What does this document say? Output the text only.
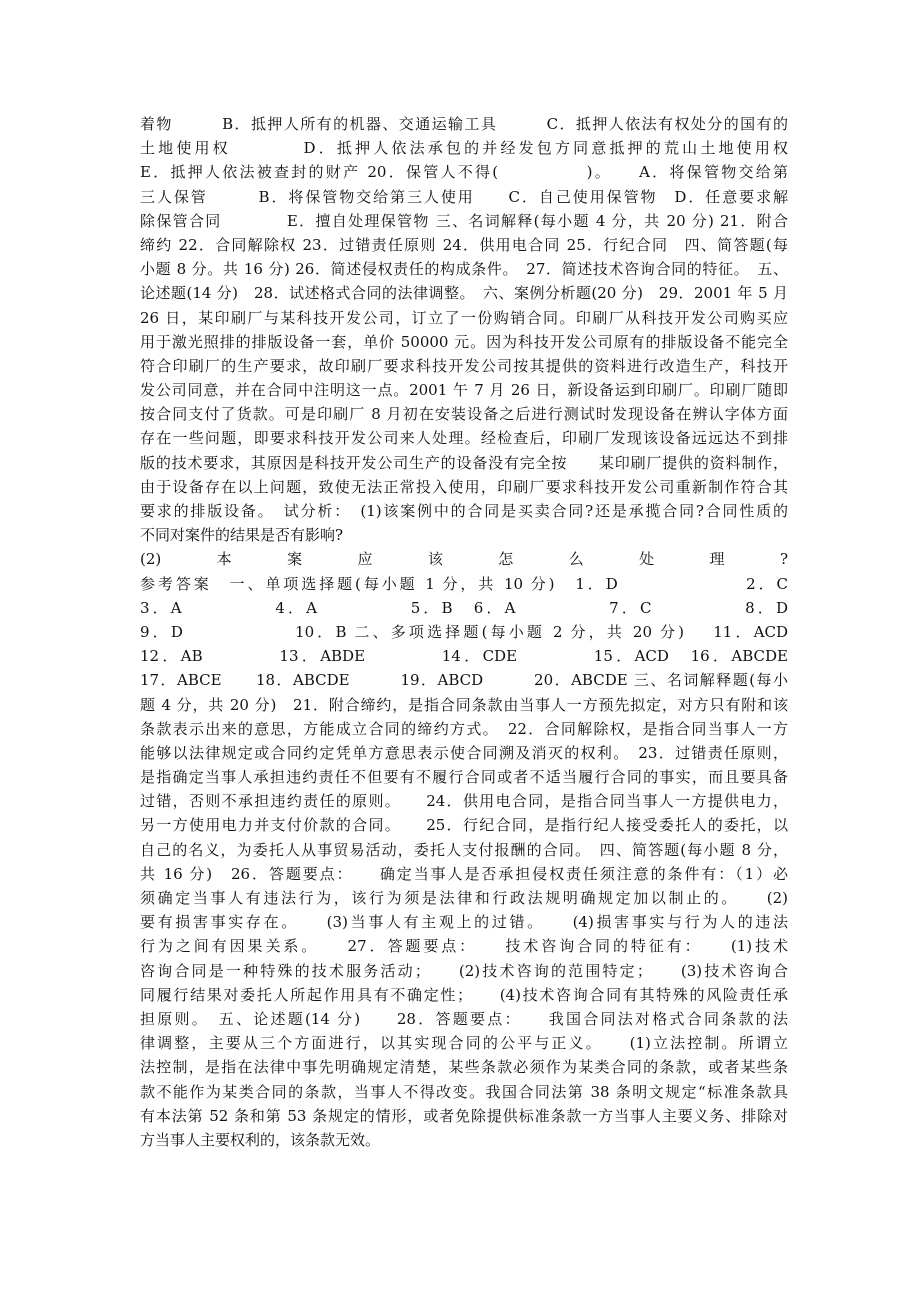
着物　　　B．抵押人所有的机器、交通运输工具　　　C．抵押人依法有权处分的国有的
土地使用权　　　　D．抵押人依法承包的并经发包方同意抵押的荒山土地使用权
E．抵押人依法被查封的财产 20．保管人不得(　　　　　)。　　A．将保管物交给第
三人保管　　　B．将保管物交给第三人使用　　C．自己使用保管物　D．任意要求解
除保管合同　　　　E．擅自处理保管物 三、名词解释(每小题 4 分，共 20 分) 21．附合
缔约 22．合同解除权 23．过错责任原则 24．供用电合同 25．行纪合同　四、简答题(每
小题 8 分。共 16 分) 26．简述侵权责任的构成条件。　27．简述技术咨询合同的特征。　五、
论述题(14 分)　28．试述格式合同的法律调整。　六、案例分析题(20 分)　29．2001 年 5 月
26 日，某印刷厂与某科技开发公司，订立了一份购销合同。印刷厂从科技开发公司购买应
用于激光照排的排版设备一套，单价 50000 元。因为科技开发公司原有的排版设备不能完全
符合印刷厂的生产要求，故印刷厂要求科技开发公司按其提供的资料进行改造生产，科技开
发公司同意，并在合同中注明这一点。2001 午 7 月 26 日，新设备运到印刷厂。印刷厂随即
按合同支付了货款。可是印刷厂 8 月初在安装设备之后进行测试时发现设备在辨认字体方面
存在一些问题，即要求科技开发公司来人处理。经检查后，印刷厂发现该设备远远达不到排
版的技术要求，其原因是科技开发公司生产的设备没有完全按　　某印刷厂提供的资料制作，
由于设备存在以上问题，致使无法正常投入使用，印刷厂要求科技开发公司重新制作符合其
要求的排版设备。　试分析：　(1)该案例中的合同是买卖合同?还是承揽合同?合同性质的
不同对案件的结果是否有影响?
(2)　　本　　案　　应　　该　　怎　　么　　处　　理　　?
参考答案　一、单项选择题(每小题 1 分，共 10 分)　1．D　　　　　　　2．C
3．A　　　　　4．A　　　　　5．B　6．A　　　　　7．C　　　　　8．D
9．D　　　　　　10．B 二、多项选择题(每小题 2 分，共 20 分)　 11．ACD
12．AB　　　　13．ABDE　　　　14．CDE　　　　15．ACD　16．ABCDE
17．ABCE　　18．ABCDE　　　19．ABCD　　　20．ABCDE 三、名词解释题(每小
题 4 分，共 20 分)　21．附合缔约，是指合同条款由当事人一方预先拟定，对方只有附和该
条款表示出来的意思，方能成立合同的缔约方式。　22．合同解除权，是指合同当事人一方
能够以法律规定或合同约定凭单方意思表示使合同溯及消灭的权利。　23．过错责任原则，
是指确定当事人承担违约责任不但要有不履行合同或者不适当履行合同的事实，而且要具备
过错，否则不承担违约责任的原则。　　24．供用电合同，是指合同当事人一方提供电力，
另一方使用电力并支付价款的合同。　　25．行纪合同，是指行纪人接受委托人的委托，以
自己的名义，为委托人从事贸易活动，委托人支付报酬的合同。　四、简答题(每小题 8 分，
共 16 分)　26．答题要点：　　确定当事人是否承担侵权责任须注意的条件有：（1）必
须确定当事人有违法行为，该行为须是法律和行政法规明确规定加以制止的。　　(2)
要有损害事实存在。　　(3)当事人有主观上的过错。　　(4)损害事实与行为人的违法
行为之间有因果关系。　　27．答题要点：　　技术咨询合同的特征有：　　(1)技术
咨询合同是一种特殊的技术服务活动；　　(2)技术咨询的范围特定；　　(3)技术咨询合
同履行结果对委托人所起作用具有不确定性；　　(4)技术咨询合同有其特殊的风险责任承
担原则。　五、论述题(14 分)　　28．答题要点：　　我国合同法对格式合同条款的法
律调整，主要从三个方面进行，以其实现合同的公平与正义。　　(1)立法控制。所谓立
法控制，是指在法律中事先明确规定清楚，某些条款必须作为某类合同的条款，或者某些条
款不能作为某类合同的条款，当事人不得改变。我国合同法第 38 条明文规定“标准条款具
有本法第 52 条和第 53 条规定的情形，或者免除提供标准条款一方当事人主要义务、排除对
方当事人主要权利的，该条款无效。
